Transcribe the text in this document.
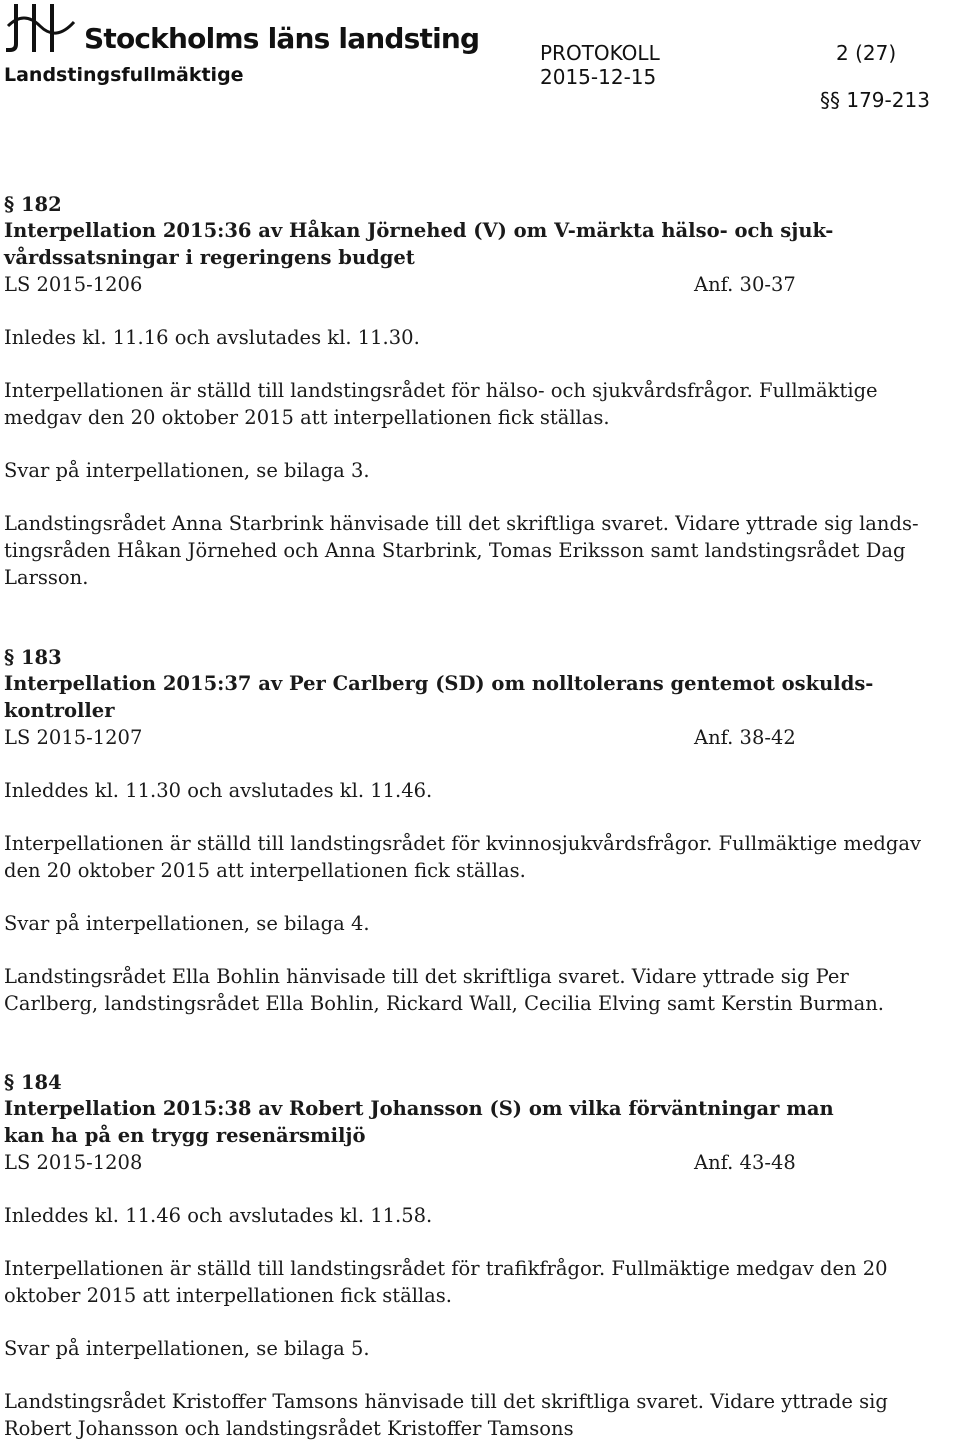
Stockholms läns landsting
Landstingsfullmäktige
PROTOKOLL
2015-12-15
2 (27)
§§ 179-213
§ 182
Interpellation 2015:36 av Håkan Jörnehed (V) om V-märkta hälso- och sjuk-
vårdssatsningar i regeringens budget
LS 2015-1206	Anf. 30-37
Inledes kl. 11.16 och avslutades kl. 11.30.
Interpellationen är ställd till landstingsrådet för hälso- och sjukvårdsfrågor. Fullmäktige
medgav den 20 oktober 2015 att interpellationen fick ställas.
Svar på interpellationen, se bilaga 3.
Landstingsrådet Anna Starbrink hänvisade till det skriftliga svaret. Vidare yttrade sig lands-
tingsråden Håkan Jörnehed och Anna Starbrink, Tomas Eriksson samt landstingsrådet Dag
Larsson.
§ 183
Interpellation 2015:37 av Per Carlberg (SD) om nolltolerans gentemot oskulds-
kontroller
LS 2015-1207	Anf. 38-42
Inleddes kl. 11.30 och avslutades kl. 11.46.
Interpellationen är ställd till landstingsrådet för kvinnosjukvårdsfrågor. Fullmäktige medgav
den 20 oktober 2015 att interpellationen fick ställas.
Svar på interpellationen, se bilaga 4.
Landstingsrådet Ella Bohlin hänvisade till det skriftliga svaret. Vidare yttrade sig Per
Carlberg, landstingsrådet Ella Bohlin, Rickard Wall, Cecilia Elving samt Kerstin Burman.
§ 184
Interpellation 2015:38 av Robert Johansson (S) om vilka förväntningar man
kan ha på en trygg resenärsmiljö
LS 2015-1208	Anf. 43-48
Inleddes kl. 11.46 och avslutades kl. 11.58.
Interpellationen är ställd till landstingsrådet för trafikfrågor. Fullmäktige medgav den 20
oktober 2015 att interpellationen fick ställas.
Svar på interpellationen, se bilaga 5.
Landstingsrådet Kristoffer Tamsons hänvisade till det skriftliga svaret. Vidare yttrade sig
Robert Johansson och landstingsrådet Kristoffer Tamsons
